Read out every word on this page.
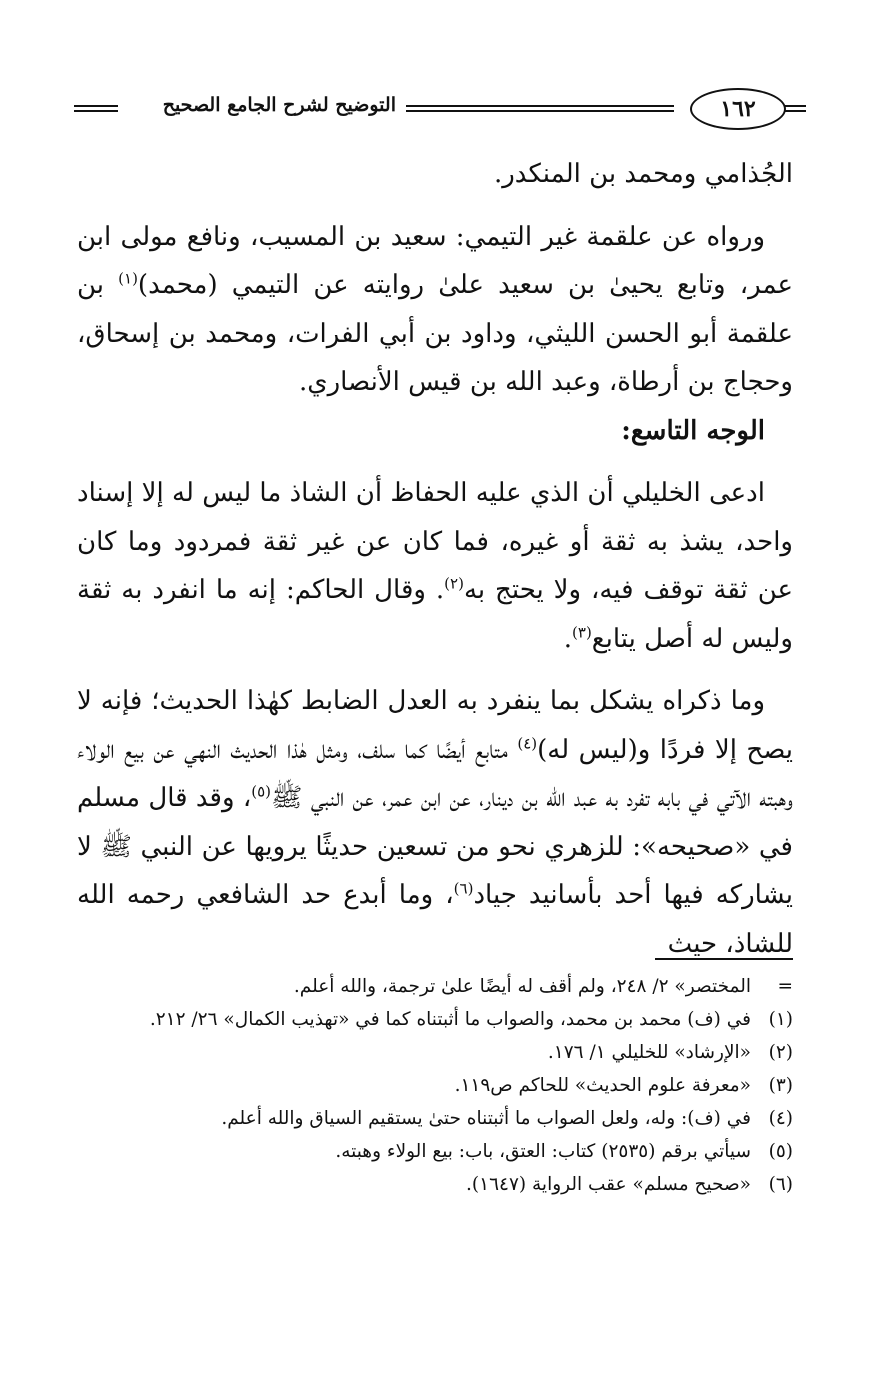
١٦٢
التوضيح لشرح الجامع الصحيح

الجُذامي ومحمد بن المنكدر.

ورواه عن علقمة غير التيمي: سعيد بن المسيب، ونافع مولى ابن عمر، وتابع يحيىٰ بن سعيد علىٰ روايته عن التيمي (محمد)$^{(١)}$ بن علقمة أبو الحسن الليثي، وداود بن أبي الفرات، ومحمد بن إسحاق، وحجاج بن أرطاة، وعبد الله بن قيس الأنصاري.

الوجه التاسع:

ادعى الخليلي أن الذي عليه الحفاظ أن الشاذ ما ليس له إلا إسناد واحد، يشذ به ثقة أو غيره، فما كان عن غير ثقة فمردود وما كان عن ثقة توقف فيه، ولا يحتج به$^{(٢)}$. وقال الحاكم: إنه ما انفرد به ثقة وليس له أصل يتابع$^{(٣)}$.

وما ذكراه يشكل بما ينفرد به العدل الضابط كهٰذا الحديث؛ فإنه لا يصح إلا فردًا و(ليس له)$^{(٤)}$ متابع أيضًا كما سلف، ومثل هٰذا الحديث النهي عن بيع الولاء وهبته الآتي في بابه تفرد به عبد الله بن دينار، عن ابن عمر، عن النبي ﷺ$^{(٥)}$، وقد قال مسلم في «صحيحه»: للزهري نحو من تسعين حديثًا يرويها عن النبي ﷺ لا يشاركه فيها أحد بأسانيد جياد$^{(٦)}$، وما أبدع حد الشافعي رحمه الله للشاذ، حيث

=
المختصر» ٢/ ٢٤٨، ولم أقف له أيضًا علىٰ ترجمة، والله أعلم.
(١)
في (ف) محمد بن محمد، والصواب ما أثبتناه كما في «تهذيب الكمال» ٢٦/ ٢١٢.
(٢)
«الإرشاد» للخليلي ١/ ١٧٦.
(٣)
«معرفة علوم الحديث» للحاكم ص١١٩.
(٤)
في (ف): وله، ولعل الصواب ما أثبتناه حتىٰ يستقيم السياق والله أعلم.
(٥)
سيأتي برقم (٢٥٣٥) كتاب: العتق، باب: بيع الولاء وهبته.
(٦)
«صحيح مسلم» عقب الرواية (١٦٤٧).
